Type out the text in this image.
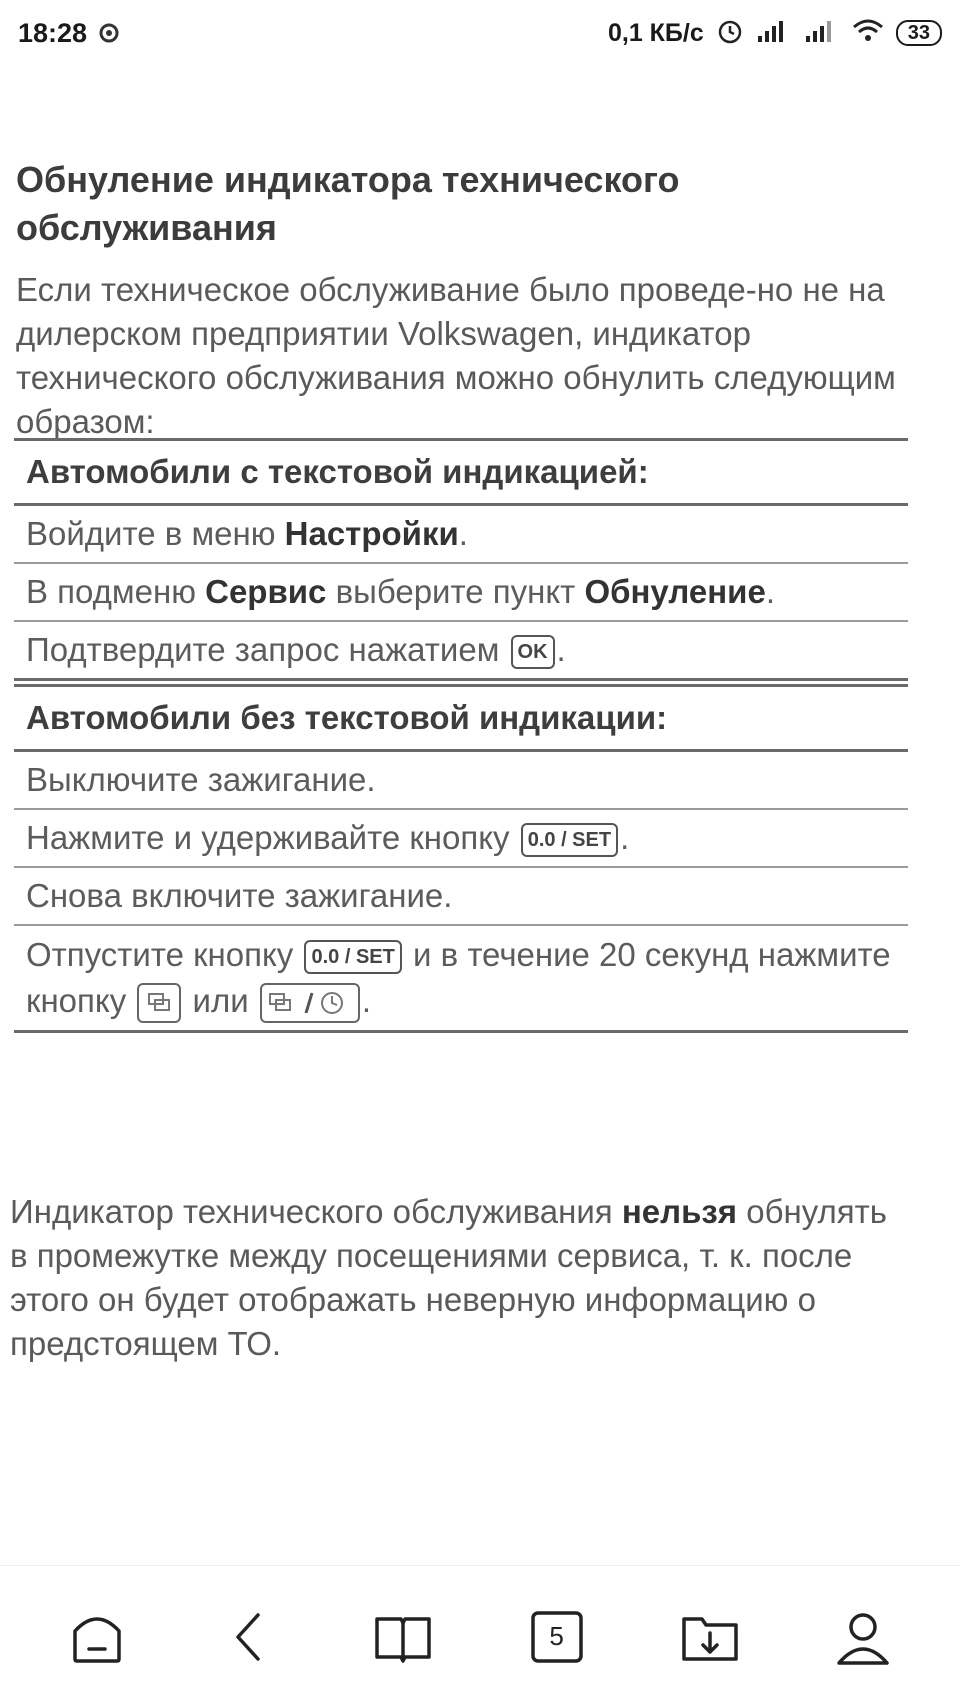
18:28	0,1 КБ/с	33
Обнуление индикатора технического обслуживания
Если техническое обслуживание было проведе-но не на дилерском предприятии Volkswagen, индикатор технического обслуживания можно обнулить следующим образом:
Автомобили с текстовой индикацией:
Войдите в меню Настройки.
В подменю Сервис выберите пункт Обнуление.
Подтвердите запрос нажатием OK .
Автомобили без текстовой индикации:
Выключите зажигание.
Нажмите и удерживайте кнопку 0.0 / SET .
Снова включите зажигание.
Отпустите кнопку 0.0 / SET и в течение 20 секунд нажмите кнопку  или	.
Индикатор технического обслуживания нельзя обнулять в промежутке между посещениями сервиса, т. к. после этого он будет отображать неверную информацию о предстоящем ТО.
5
